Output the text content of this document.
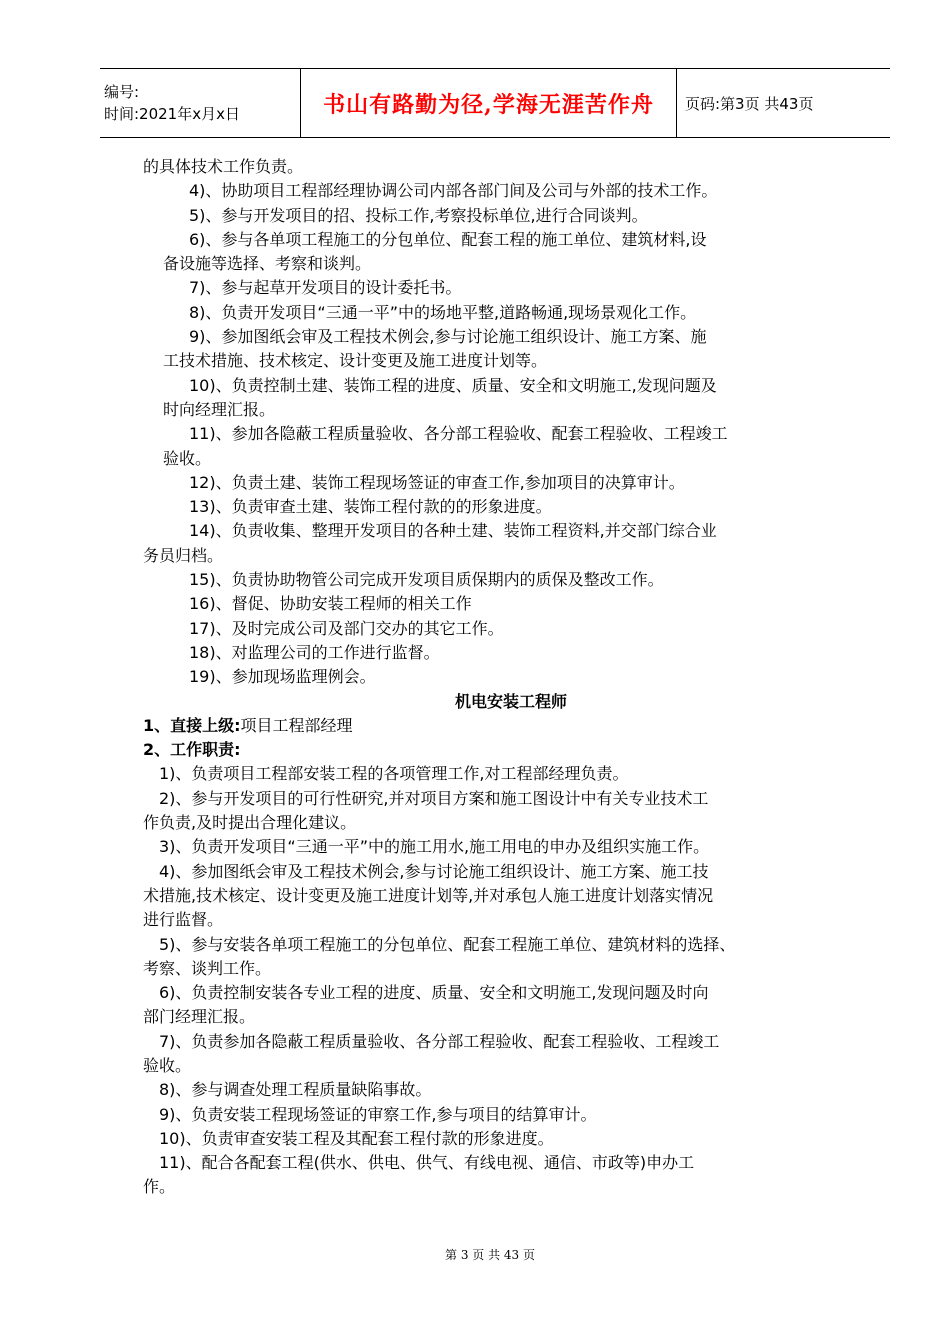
编号:
时间:2021年x月x日	书山有路勤为径,学海无涯苦作舟 页码:第3页 共43页

的具体技术工作负责。

4)、协助项目工程部经理协调公司内部各部门间及公司与外部的技术工作。

5)、参与开发项目的招、投标工作,考察投标单位,进行合同谈判。

6)、参与各单项工程施工的分包单位、配套工程的施工单位、建筑材料,设

备设施等选择、考察和谈判。

7)、参与起草开发项目的设计委托书。

8)、负责开发项目“三通一平”中的场地平整,道路畅通,现场景观化工作。

9)、参加图纸会审及工程技术例会,参与讨论施工组织设计、施工方案、施

工技术措施、技术核定、设计变更及施工进度计划等。

10)、负责控制土建、装饰工程的进度、质量、安全和文明施工,发现问题及

时向经理汇报。

11)、参加各隐蔽工程质量验收、各分部工程验收、配套工程验收、工程竣工

验收。

12)、负责土建、装饰工程现场签证的审查工作,参加项目的决算审计。

13)、负责审查土建、装饰工程付款的的形象进度。

14)、负责收集、整理开发项目的各种土建、装饰工程资料,并交部门综合业

务员归档。

15)、负责协助物管公司完成开发项目质保期内的质保及整改工作。

16)、督促、协助安装工程师的相关工作

17)、及时完成公司及部门交办的其它工作。

18)、对监理公司的工作进行监督。

19)、参加现场监理例会。

机电安装工程师

1、直接上级:项目工程部经理

2、工作职责:

1)、负责项目工程部安装工程的各项管理工作,对工程部经理负责。

2)、参与开发项目的可行性研究,并对项目方案和施工图设计中有关专业技术工

作负责,及时提出合理化建议。

3)、负责开发项目“三通一平”中的施工用水,施工用电的申办及组织实施工作。

4)、参加图纸会审及工程技术例会,参与讨论施工组织设计、施工方案、施工技

术措施,技术核定、设计变更及施工进度计划等,并对承包人施工进度计划落实情况

进行监督。

5)、参与安装各单项工程施工的分包单位、配套工程施工单位、建筑材料的选择、

考察、谈判工作。

6)、负责控制安装各专业工程的进度、质量、安全和文明施工,发现问题及时向

部门经理汇报。

7)、负责参加各隐蔽工程质量验收、各分部工程验收、配套工程验收、工程竣工

验收。

8)、参与调查处理工程质量缺陷事故。

9)、负责安装工程现场签证的审察工作,参与项目的结算审计。

10)、负责审查安装工程及其配套工程付款的形象进度。

11)、配合各配套工程(供水、供电、供气、有线电视、通信、市政等)申办工

作。

第 3 页 共 43 页
